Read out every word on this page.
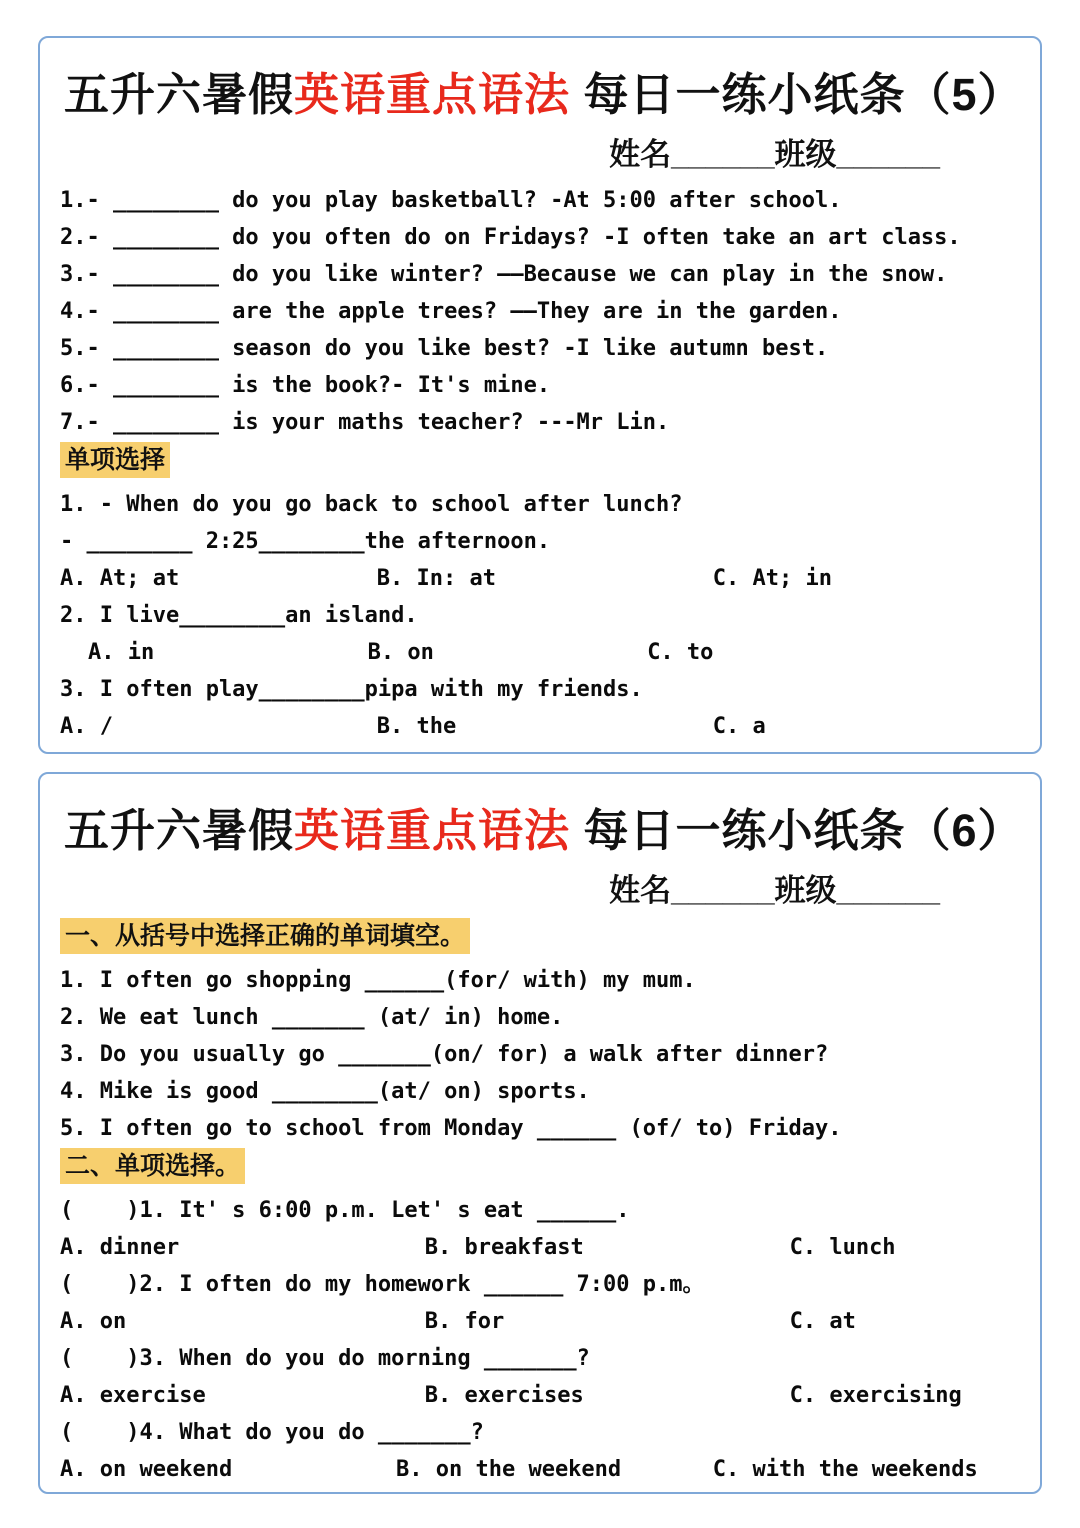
五升六暑假英语重点语法 每日一练小纸条（5）
姓名______班级______
1.- ________ do you play basketball? -At 5:00 after school.
2.- ________ do you often do on Fridays? -I often take an art class.
3.- ________ do you like winter? ——Because we can play in the snow.
4.- ________ are the apple trees? ——They are in the garden.
5.- ________ season do you like best? -I like autumn best.
6.- ________ is the book?- It's mine.
7.- ________ is your maths teacher? ---Mr Lin.
单项选择
1. - When do you go back to school after lunch?
- ________ 2:25________the afternoon.
A. At; at	B. In: at	C. At; in
2. I live________an island.
A. in	B. on	C. to
3. I often play________pipa with my friends.
A. /	B. the	C. a
五升六暑假英语重点语法 每日一练小纸条（6）
姓名______班级______
一、从括号中选择正确的单词填空。
1. I often go shopping ______(for/ with) my mum.
2. We eat lunch _______ (at/ in) home.
3. Do you usually go _______(on/ for) a walk after dinner?
4. Mike is good ________(at/ on) sports.
5. I often go to school from Monday ______ (of/ to) Friday.
二、单项选择。
(    )1. It' s 6:00 p.m. Let' s eat ______.
A. dinner	B. breakfast	C. lunch
(    )2. I often do my homework ______ 7:00 p.m。
A. on	B. for	C. at
(    )3. When do you do morning _______?
A. exercise	B. exercises	C. exercising
(    )4. What do you do _______?
A. on weekend	B. on the weekend	C. with the weekends
